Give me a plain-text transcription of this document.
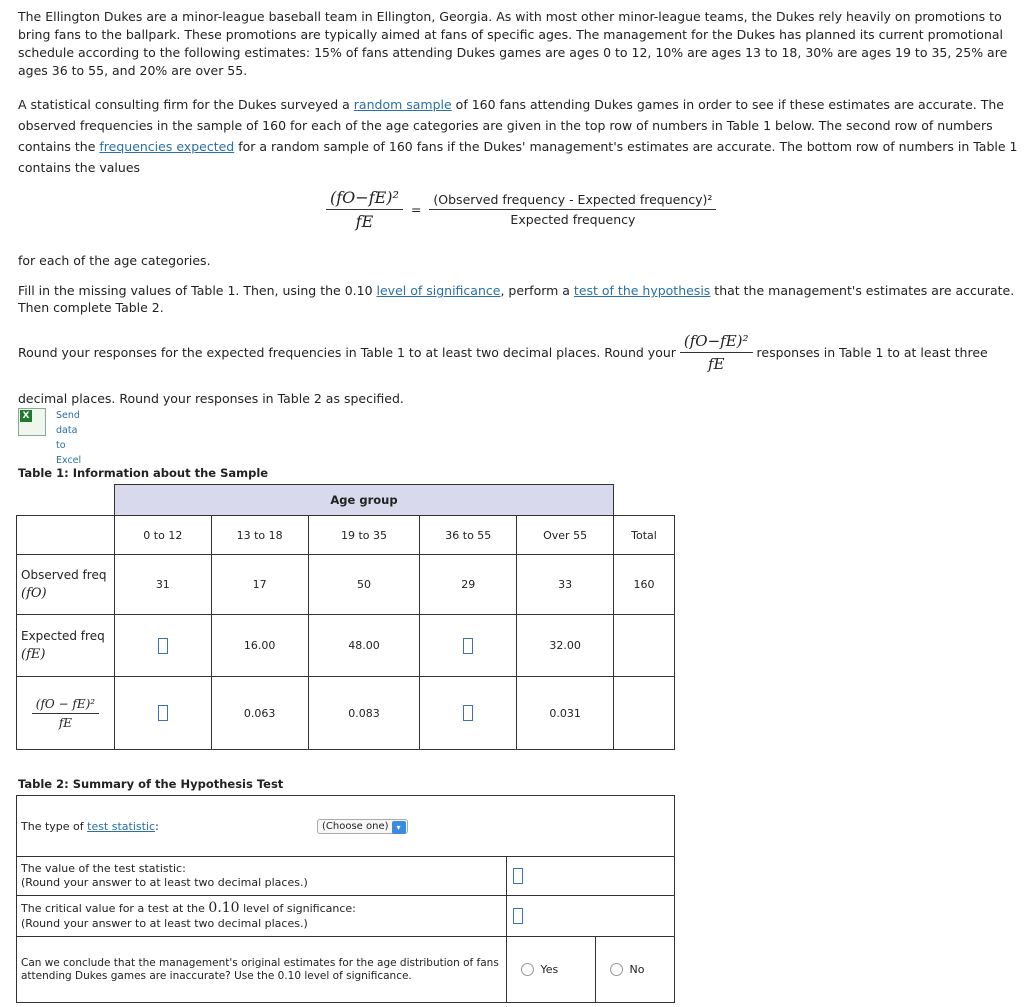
The Ellington Dukes are a minor-league baseball team in Ellington, Georgia. As with most other minor-league teams, the Dukes rely heavily on promotions to bring fans to the ballpark. These promotions are typically aimed at fans of specific ages. The management for the Dukes has planned its current promotional schedule according to the following estimates: 15% of fans attending Dukes games are ages 0 to 12, 10% are ages 13 to 18, 30% are ages 19 to 35, 25% are ages 36 to 55, and 20% are over 55.

A statistical consulting firm for the Dukes surveyed a random sample of 160 fans attending Dukes games in order to see if these estimates are accurate. The observed frequencies in the sample of 160 for each of the age categories are given in the top row of numbers in Table 1 below. The second row of numbers contains the frequencies expected for a random sample of 160 fans if the Dukes' management's estimates are accurate. The bottom row of numbers in Table 1 contains the values

$\frac{\text{(fO−fE)²}}{fE} = \frac{\text{(Observed frequency - Expected frequency)²}}{\text{Expected frequency}}$

for each of the age categories.

Fill in the missing values of Table 1. Then, using the 0.10 level of significance, perform a test of the hypothesis that the management's estimates are accurate. Then complete Table 2.

Round your responses for the expected frequencies in Table 1 to at least two decimal places. Round your $\frac{\text{(fO−fE)²}}{fE}$ responses in Table 1 to at least three

decimal places. Round your responses in Table 2 as specified.

X	Send data
to Excel
Table 1: Information about the Sample
Age group
	0 to 12	13 to 18	19 to 35	36 to 55	Over 55	Total

Observed freq
(fO)	31	17	50	29	33	160

Expected freq
(fE)		16.00	48.00		32.00	

$\frac{\text{(fO − fE)²}}{fE}$		0.063	0.083		0.031	
Table 2: Summary of the Hypothesis Test
The type of test statistic:	(Choose one) ▾		

The value of the test statistic:
(Round your answer to at least two decimal places.)			

The critical value for a test at the 0.10 level of significance:
(Round your answer to at least two decimal places.)			

Can we conclude that the management's original estimates for the age distribution of fans
attending Dukes games are inaccurate? Use the 0.10 level of significance.		Yes	No
